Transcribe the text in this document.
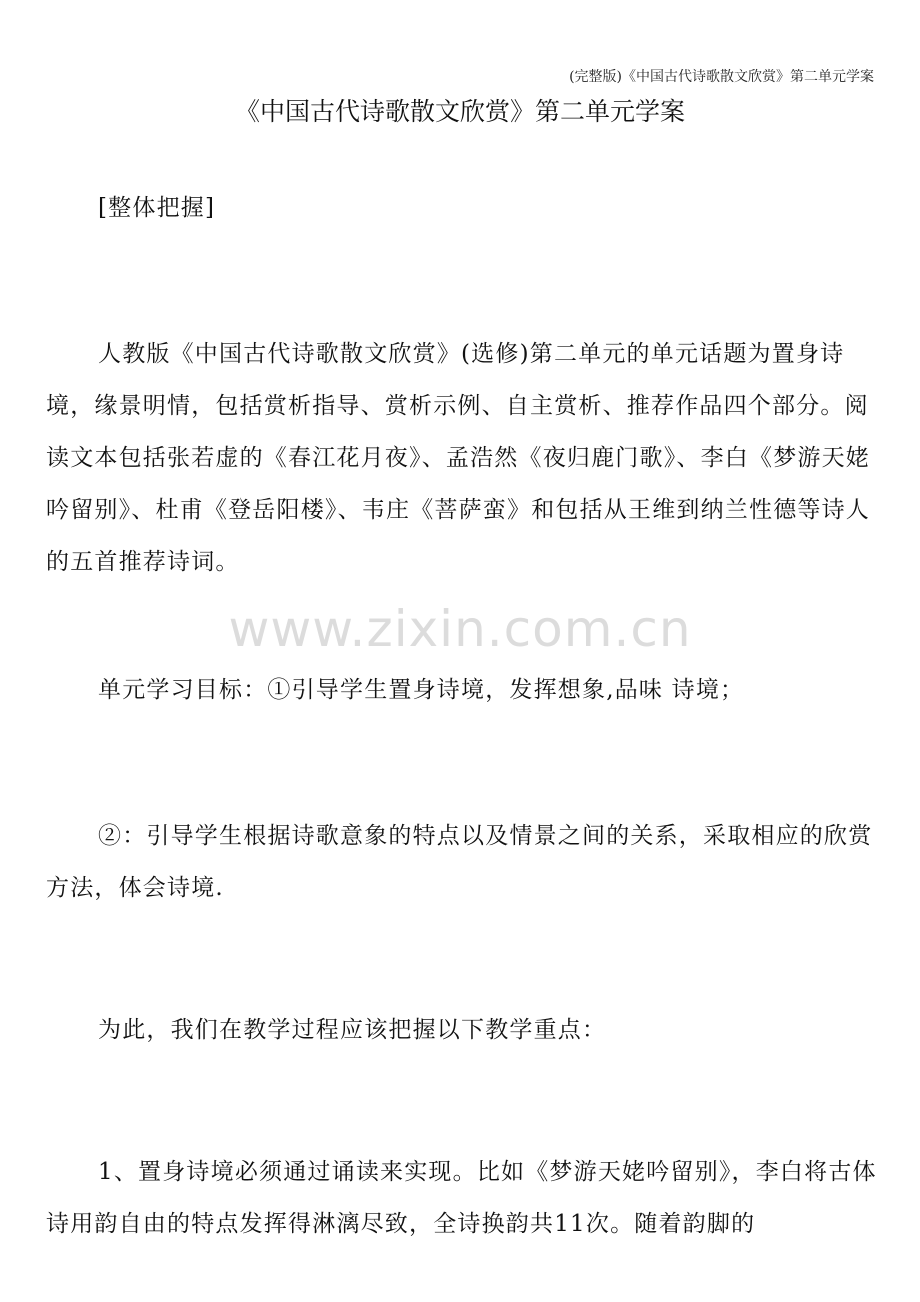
(完整版)《中国古代诗歌散文欣赏》第二单元学案
《中国古代诗歌散文欣赏》第二单元学案

[整体把握]

人教版《中国古代诗歌散文欣赏》(选修)第二单元的单元话题为置身诗境，缘景明情，包括赏析指导、赏析示例、自主赏析、推荐作品四个部分。阅读文本包括张若虚的《春江花月夜》、孟浩然《夜归鹿门歌》、李白《梦游天姥吟留别》、杜甫《登岳阳楼》、韦庄《菩萨蛮》和包括从王维到纳兰性德等诗人的五首推荐诗词。

www.zixin.com.cn

单元学习目标：①引导学生置身诗境，发挥想象,品味 诗境；

②：引导学生根据诗歌意象的特点以及情景之间的关系，采取相应的欣赏方法，体会诗境.

为此，我们在教学过程应该把握以下教学重点：

1、置身诗境必须通过诵读来实现。比如《梦游天姥吟留别》，李白将古体诗用韵自由的特点发挥得淋漓尽致，全诗换韵共11次。随着韵脚的
